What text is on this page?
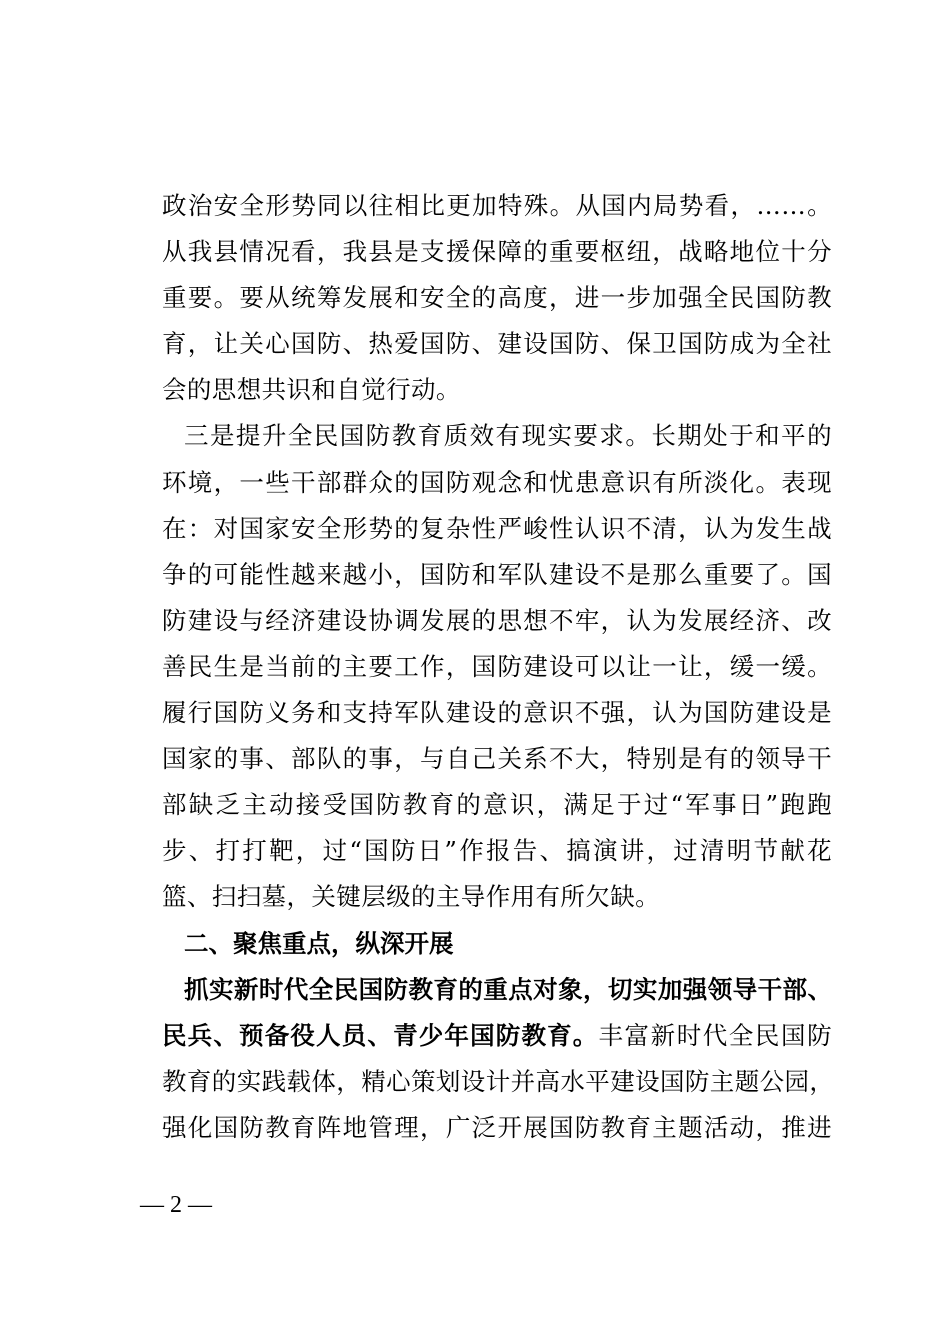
政治安全形势同以往相比更加特殊。从国内局势看，……。
从我县情况看，我县是支援保障的重要枢纽，战略地位十分
重要。要从统筹发展和安全的高度，进一步加强全民国防教
育，让关心国防、热爱国防、建设国防、保卫国防成为全社
会的思想共识和自觉行动。
三是提升全民国防教育质效有现实要求。长期处于和平的
环境，一些干部群众的国防观念和忧患意识有所淡化。表现
在：对国家安全形势的复杂性严峻性认识不清，认为发生战
争的可能性越来越小，国防和军队建设不是那么重要了。国
防建设与经济建设协调发展的思想不牢，认为发展经济、改
善民生是当前的主要工作，国防建设可以让一让，缓一缓。
履行国防义务和支持军队建设的意识不强，认为国防建设是
国家的事、部队的事，与自己关系不大，特别是有的领导干
部缺乏主动接受国防教育的意识，满足于过“军事日”跑跑
步、打打靶，过“国防日”作报告、搞演讲，过清明节献花
篮、扫扫墓，关键层级的主导作用有所欠缺。
二、聚焦重点，纵深开展
抓实新时代全民国防教育的重点对象，切实加强领导干部、
民兵、预备役人员、青少年国防教育。丰富新时代全民国防
教育的实践载体，精心策划设计并高水平建设国防主题公园，
强化国防教育阵地管理，广泛开展国防教育主题活动，推进
— 2 —
